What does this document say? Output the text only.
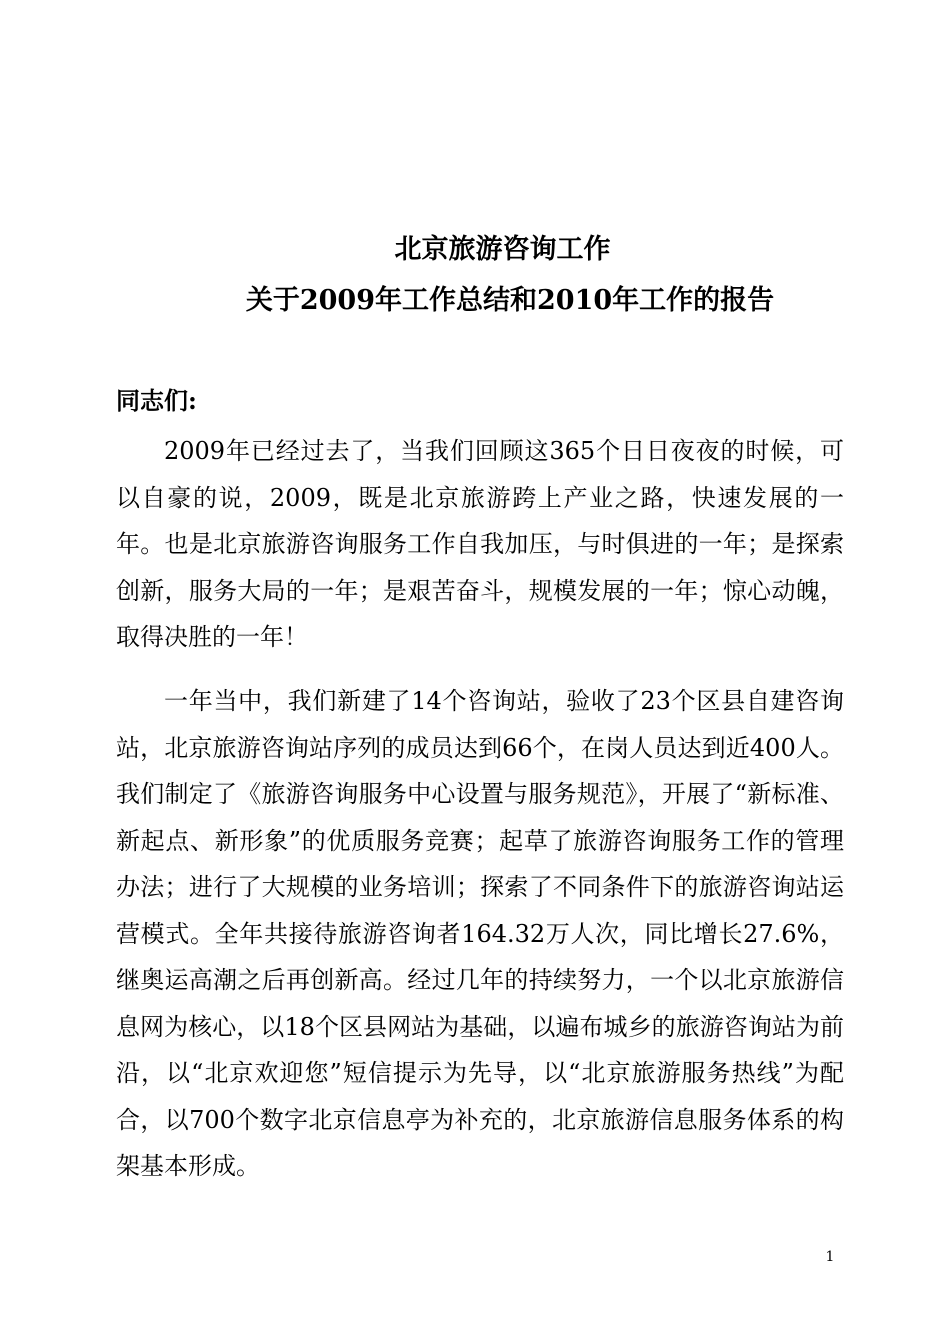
北京旅游咨询工作
关于2009年工作总结和2010年工作的报告

同志们:

2009年已经过去了，当我们回顾这365个日日夜夜的时候，可以自豪的说，2009，既是北京旅游跨上产业之路，快速发展的一年。也是北京旅游咨询服务工作自我加压，与时俱进的一年；是探索创新，服务大局的一年；是艰苦奋斗，规模发展的一年；惊心动魄，取得决胜的一年！

一年当中，我们新建了14个咨询站，验收了23个区县自建咨询站，北京旅游咨询站序列的成员达到66个，在岗人员达到近400人。我们制定了《旅游咨询服务中心设置与服务规范》，开展了“新标准、新起点、新形象”的优质服务竞赛；起草了旅游咨询服务工作的管理办法；进行了大规模的业务培训；探索了不同条件下的旅游咨询站运营模式。全年共接待旅游咨询者164.32万人次，同比增长27.6%，继奥运高潮之后再创新高。经过几年的持续努力，一个以北京旅游信息网为核心，以18个区县网站为基础，以遍布城乡的旅游咨询站为前沿，以“北京欢迎您”短信提示为先导，以“北京旅游服务热线”为配合，以700个数字北京信息亭为补充的，北京旅游信息服务体系的构架基本形成。

1
